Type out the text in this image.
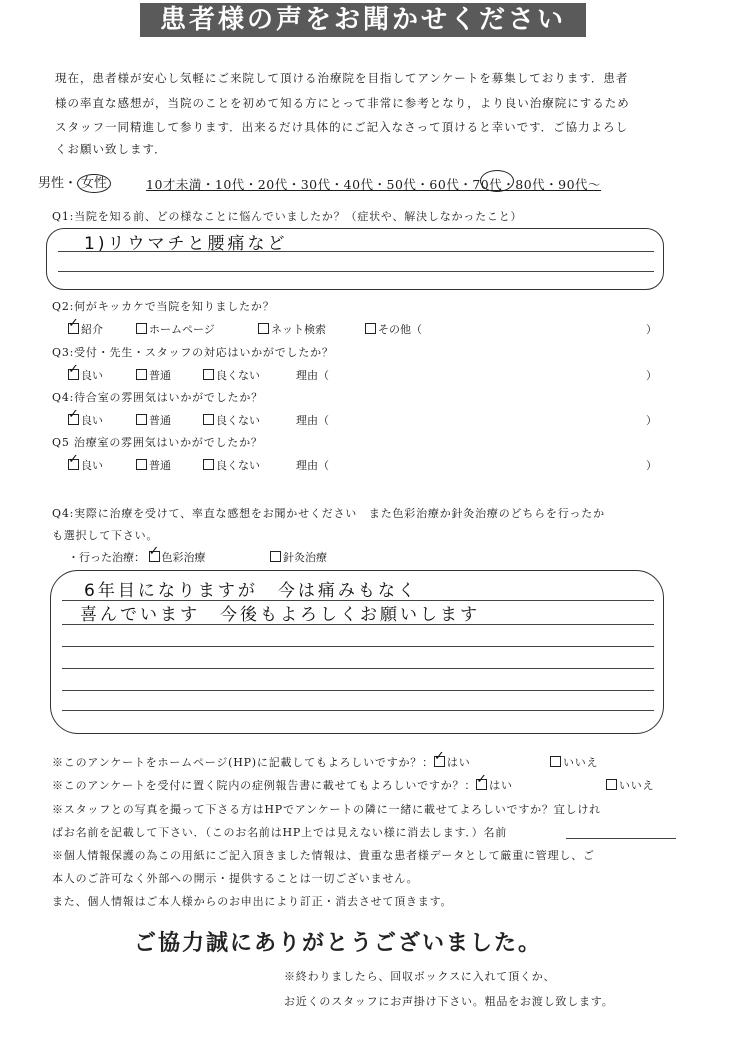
患者様の声をお聞かせください
現在，患者様が安心し気軽にご来院して頂ける治療院を目指してアンケートを募集しております．患者
様の率直な感想が，当院のことを初めて知る方にとって非常に参考となり，より良い治療院にするため
スタッフ一同精進して参ります．出来るだけ具体的にご記入なさって頂けると幸いです．ご協力よろし
くお願い致します．
男性・ 女性	10才未満・10代・20代・30代・40代・50代・60代・70代・80代・90代～
Q1:当院を知る前、どの様なことに悩んでいましたか？（症状や、解決しなかったこと）
1)リウマチと腰痛など
Q2:何がキッカケで当院を知りましたか？
✓紹介	ホームページ	ネット検索	その他（	）
Q3:受付・先生・スタッフの対応はいかがでしたか？
✓良い	普通	良くない	理由（	）
Q4:待合室の雰囲気はいかがでしたか？
✓良い	普通	良くない	理由（	）
Q5 治療室の雰囲気はいかがでしたか？
✓良い	普通	良くない	理由（	）
Q4:実際に治療を受けて、率直な感想をお聞かせください　また色彩治療か針灸治療のどちらを行ったか
も選択して下さい。
・行った治療： ✓ 色彩治療	針灸治療
6年目になりますが　今は痛みもなく
喜んでいます　今後もよろしくお願いします
※このアンケートをホームページ(HP)に記載してもよろしいですか？： ✓ はい	いいえ
※このアンケートを受付に置く院内の症例報告書に載せてもよろしいですか？： ✓ はい	いいえ
※スタッフとの写真を撮って下さる方はHPでアンケートの隣に一緒に載せてよろしいですか？宜しけれ
ばお名前を記載して下さい．（このお名前はHP上では見えない様に消去します．）名前
※個人情報保護の為この用紙にご記入頂きました情報は、貴重な患者様データとして厳重に管理し、ご
本人のご許可なく外部への開示・提供することは一切ございません。
また、個人情報はご本人様からのお申出により訂正・消去させて頂きます。
ご協力誠にありがとうございました。
※終わりましたら、回収ボックスに入れて頂くか、
お近くのスタッフにお声掛け下さい。粗品をお渡し致します。
